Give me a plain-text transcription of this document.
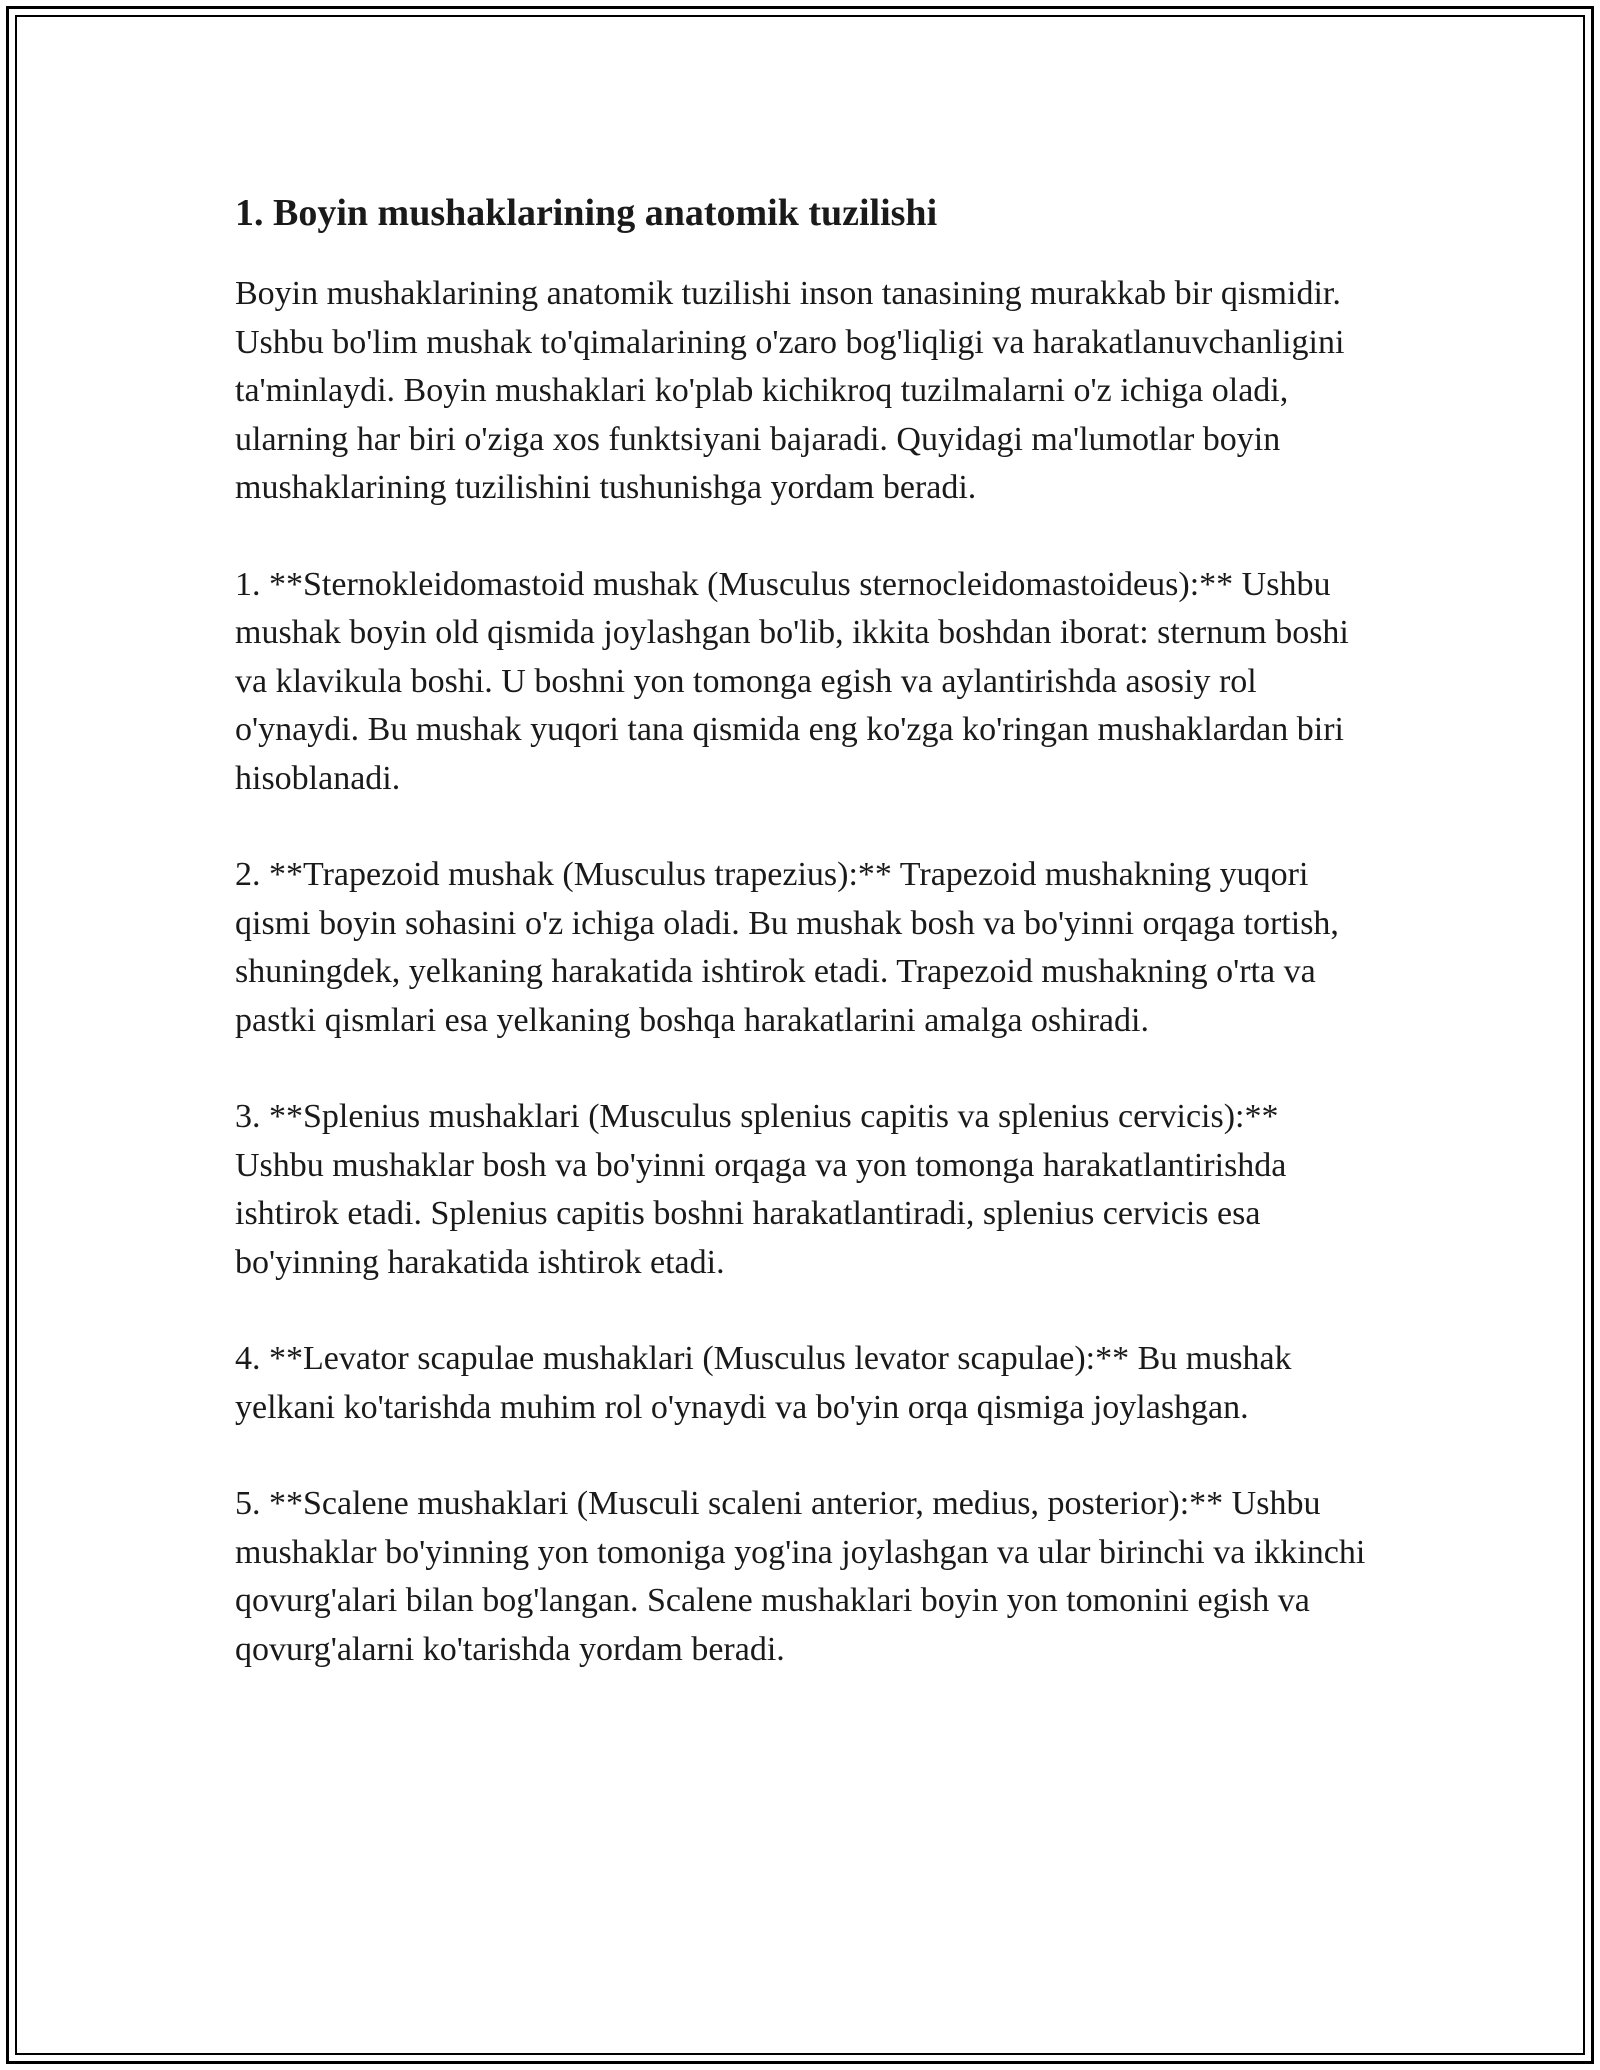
1. Boyin mushaklarining anatomik tuzilishi

Boyin mushaklarining anatomik tuzilishi inson tanasining murakkab bir qismidir. Ushbu bo'lim mushak to'qimalarining o'zaro bog'liqligi va harakatlanuvchanligini ta'minlaydi. Boyin mushaklari ko'plab kichikroq tuzilmalarni o'z ichiga oladi, ularning har biri o'ziga xos funktsiyani bajaradi. Quyidagi ma'lumotlar boyin mushaklarining tuzilishini tushunishga yordam beradi.

1. **Sternokleidomastoid mushak (Musculus sternocleidomastoideus):** Ushbu mushak boyin old qismida joylashgan bo'lib, ikkita boshdan iborat: sternum boshi va klavikula boshi. U boshni yon tomonga egish va aylantirishda asosiy rol o'ynaydi. Bu mushak yuqori tana qismida eng ko'zga ko'ringan mushaklardan biri hisoblanadi.

2. **Trapezoid mushak (Musculus trapezius):** Trapezoid mushakning yuqori qismi boyin sohasini o'z ichiga oladi. Bu mushak bosh va bo'yinni orqaga tortish, shuningdek, yelkaning harakatida ishtirok etadi. Trapezoid mushakning o'rta va pastki qismlari esa yelkaning boshqa harakatlarini amalga oshiradi.

3. **Splenius mushaklari (Musculus splenius capitis va splenius cervicis):** Ushbu mushaklar bosh va bo'yinni orqaga va yon tomonga harakatlantirishda ishtirok etadi. Splenius capitis boshni harakatlantiradi, splenius cervicis esa bo'yinning harakatida ishtirok etadi.

4. **Levator scapulae mushaklari (Musculus levator scapulae):** Bu mushak yelkani ko'tarishda muhim rol o'ynaydi va bo'yin orqa qismiga joylashgan.

5. **Scalene mushaklari (Musculi scaleni anterior, medius, posterior):** Ushbu mushaklar bo'yinning yon tomoniga yog'ina joylashgan va ular birinchi va ikkinchi qovurg'alari bilan bog'langan. Scalene mushaklari boyin yon tomonini egish va qovurg'alarni ko'tarishda yordam beradi.
